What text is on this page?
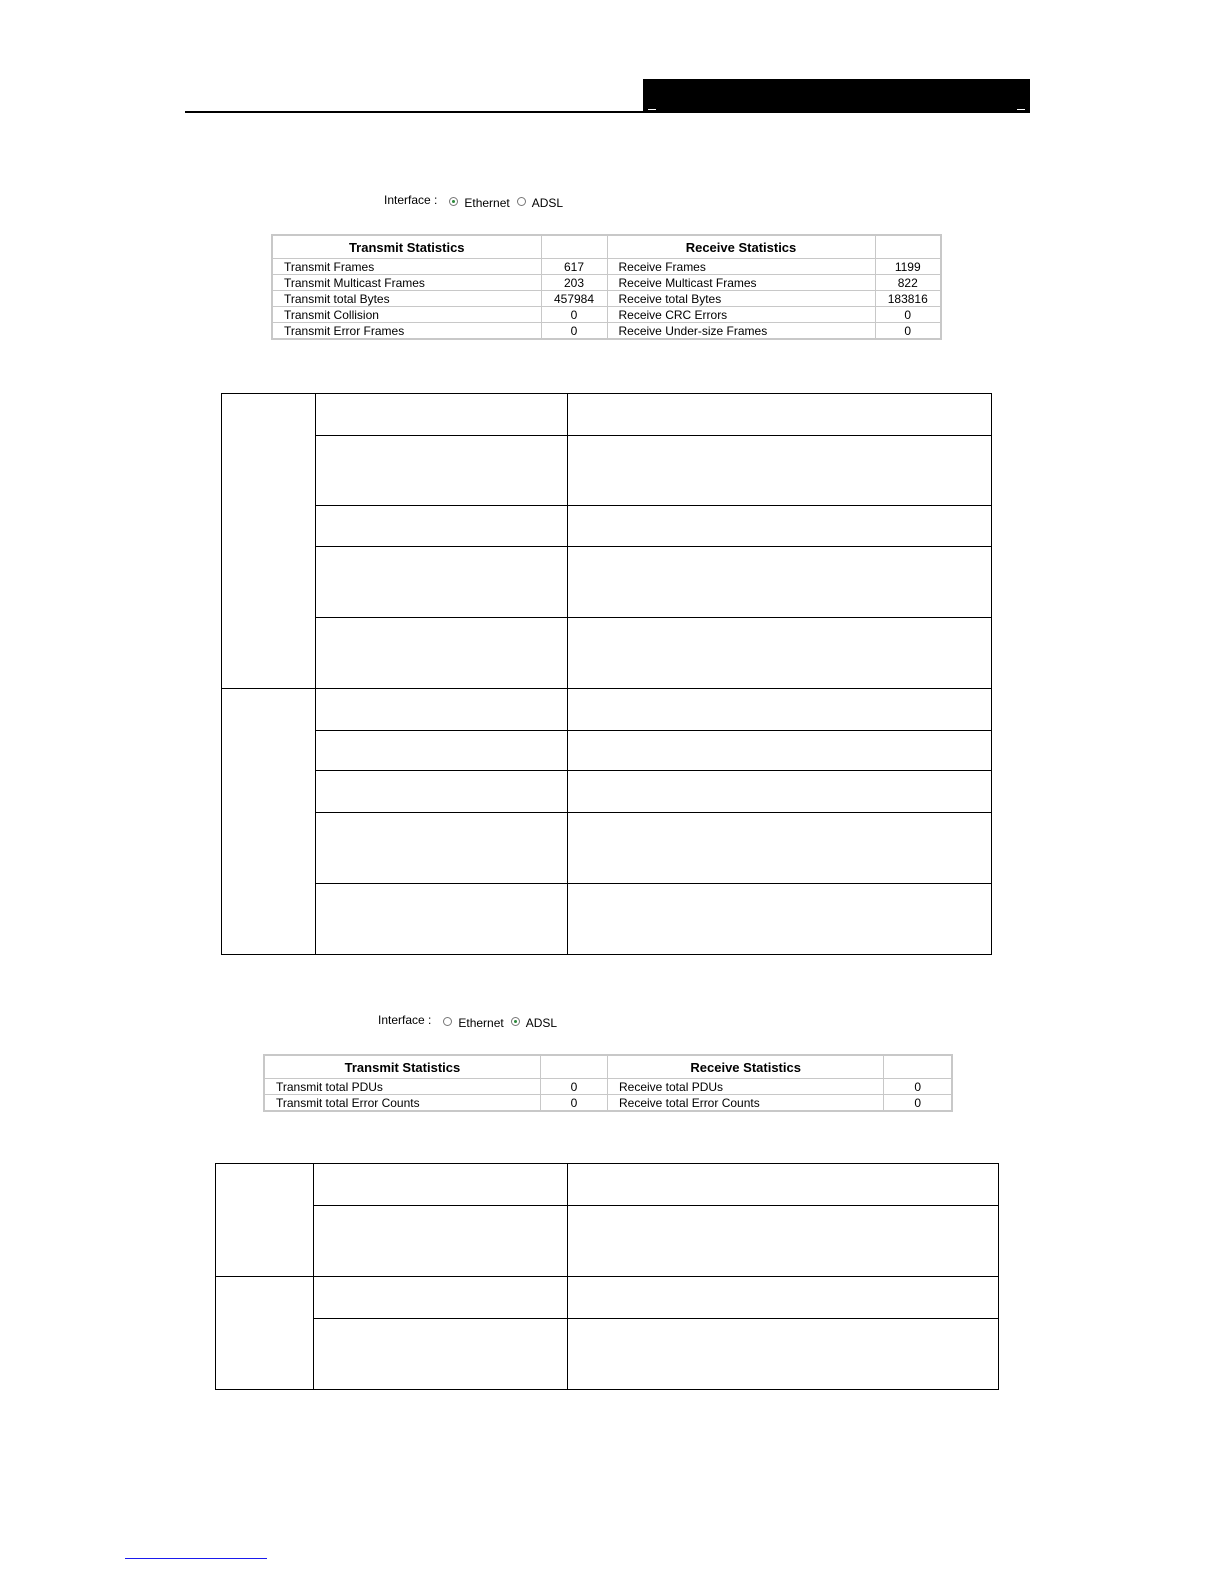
Interface : Ethernet ADSL
Transmit Statistics		Receive Statistics	
Transmit Frames	617	Receive Frames	1199
Transmit Multicast Frames	203	Receive Multicast Frames	822
Transmit total Bytes	457984	Receive total Bytes	183816
Transmit Collision	0	Receive CRC Errors	0
Transmit Error Frames	0	Receive Under-size Frames	0
Interface : Ethernet ADSL
Transmit Statistics		Receive Statistics	
Transmit total PDUs	0	Receive total PDUs	0
Transmit total Error Counts	0	Receive total Error Counts	0
